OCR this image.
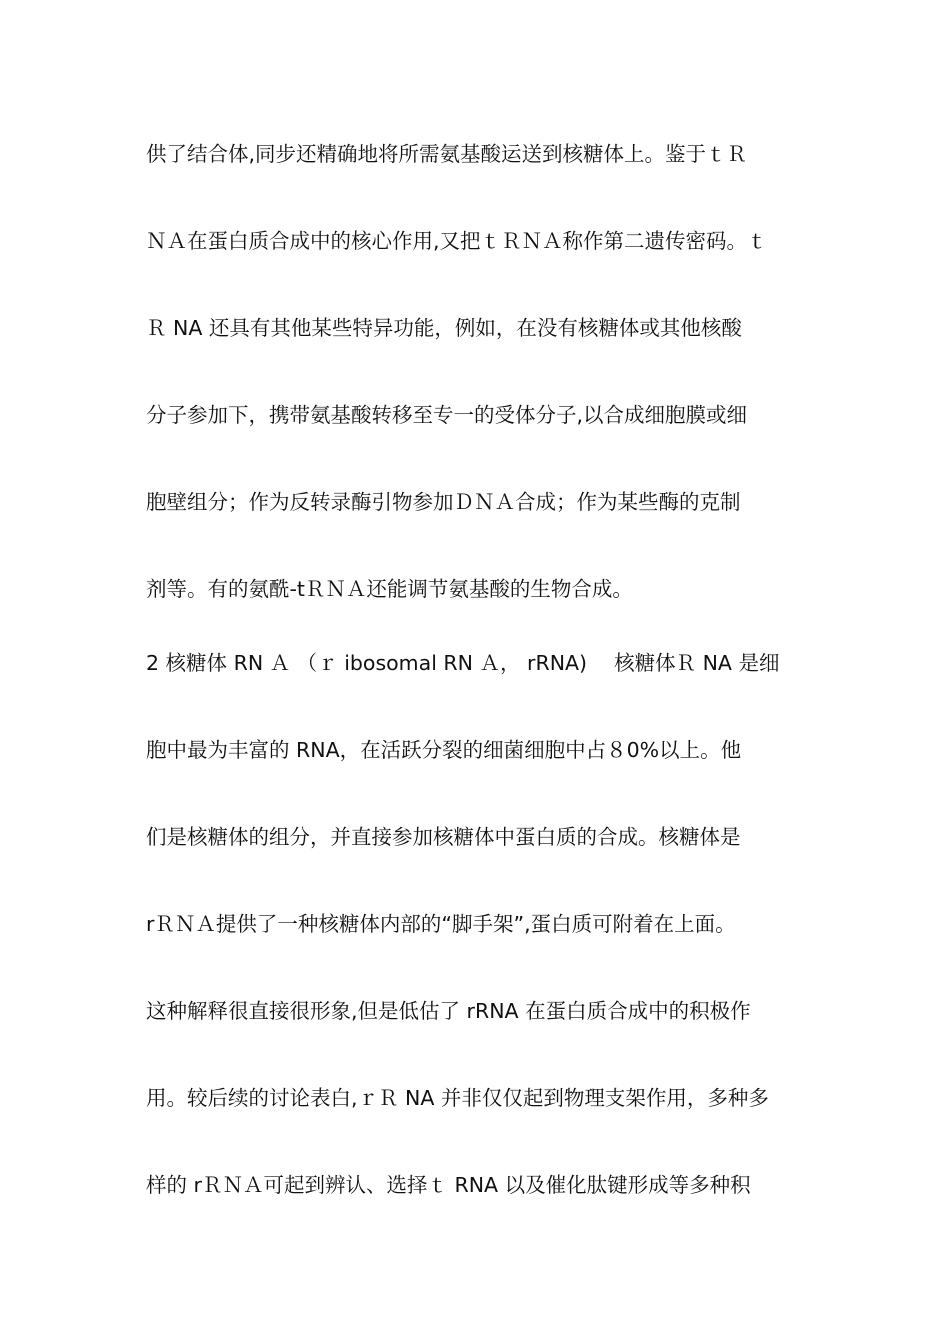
供了结合体,同步还精确地将所需氨基酸运送到核糖体上。鉴于ｔＲ
ＮＡ在蛋白质合成中的核心作用,又把ｔＲＮＡ称作第二遗传密码。ｔ
Ｒ NA 还具有其他某些特异功能，例如，在没有核糖体或其他核酸
分子参加下，携带氨基酸转移至专一的受体分子,以合成细胞膜或细
胞壁组分；作为反转录酶引物参加ＤＮＡ合成；作为某些酶的克制
剂等。有的氨酰-tＲＮＡ还能调节氨基酸的生物合成。
2 核糖体 RN Ａ （ｒ ibosomal RN Ａ， rRNA)　 核糖体Ｒ NA 是细
胞中最为丰富的 RNA，在活跃分裂的细菌细胞中占８0%以上。他
们是核糖体的组分，并直接参加核糖体中蛋白质的合成。核糖体是
rＲＮＡ提供了一种核糖体内部的“脚手架”,蛋白质可附着在上面。
这种解释很直接很形象,但是低估了 rRNA 在蛋白质合成中的积极作
用。较后续的讨论表白,ｒＲ NA 并非仅仅起到物理支架作用，多种多
样的 rＲＮＡ可起到辨认、选择ｔ RNA 以及催化肽键形成等多种积
